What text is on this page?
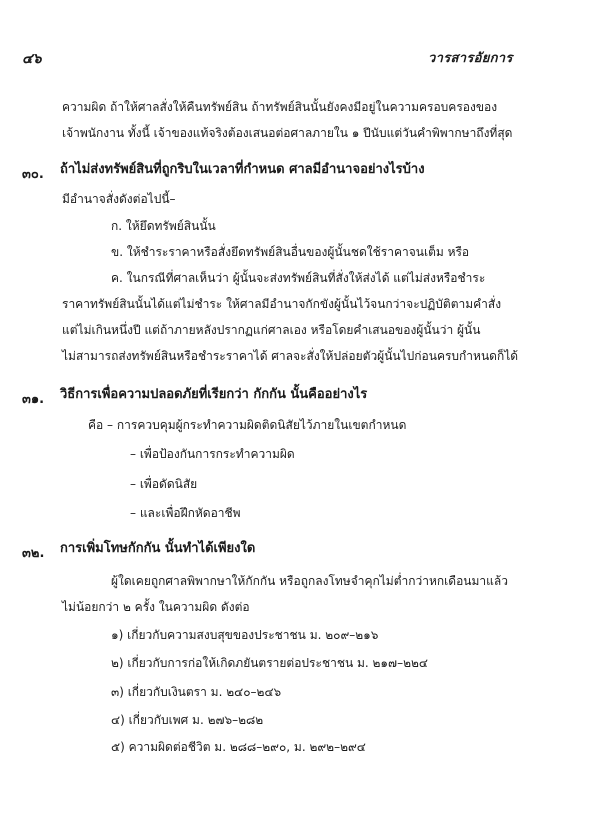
๔๖	วารสารอัยการ
ความผิด ถ้าให้ศาลสั่งให้คืนทรัพย์สิน ถ้าทรัพย์สินนั้นยังคงมีอยู่ในความครอบครองของ
เจ้าพนักงาน ทั้งนี้ เจ้าของแท้จริงต้องเสนอต่อศาลภายใน ๑ ปีนับแต่วันคำพิพากษาถึงที่สุด
๓๐. ถ้าไม่ส่งทรัพย์สินที่ถูกริบในเวลาที่กำหนด ศาลมีอำนาจอย่างไรบ้าง
มีอำนาจสั่งดังต่อไปนี้–
ก. ให้ยึดทรัพย์สินนั้น
ข. ให้ชำระราคาหรือสั่งยึดทรัพย์สินอื่นของผู้นั้นชดใช้ราคาจนเต็ม หรือ
ค. ในกรณีที่ศาลเห็นว่า ผู้นั้นจะส่งทรัพย์สินที่สั่งให้ส่งได้ แต่ไม่ส่งหรือชำระ
ราคาทรัพย์สินนั้นได้แต่ไม่ชำระ ให้ศาลมีอำนาจกักขังผู้นั้นไว้จนกว่าจะปฏิบัติตามคำสั่ง
แต่ไม่เกินหนึ่งปี แต่ถ้าภายหลังปรากฏแก่ศาลเอง หรือโดยคำเสนอของผู้นั้นว่า ผู้นั้น
ไม่สามารถส่งทรัพย์สินหรือชำระราคาได้ ศาลจะสั่งให้ปล่อยตัวผู้นั้นไปก่อนครบกำหนดก็ได้
๓๑. วิธีการเพื่อความปลอดภัยที่เรียกว่า กักกัน นั้นคืออย่างไร
คือ – การควบคุมผู้กระทำความผิดติดนิสัยไว้ภายในเขตกำหนด
– เพื่อป้องกันการกระทำความผิด
– เพื่อดัดนิสัย
– และเพื่อฝึกหัดอาชีพ
๓๒. การเพิ่มโทษกักกัน นั้นทำได้เพียงใด
ผู้ใดเคยถูกศาลพิพากษาให้กักกัน หรือถูกลงโทษจำคุกไม่ต่ำกว่าหกเดือนมาแล้ว
ไม่น้อยกว่า ๒ ครั้ง ในความผิด ดังต่อ
๑) เกี่ยวกับความสงบสุขของประชาชน ม. ๒๐๙–๒๑๖
๒) เกี่ยวกับการก่อให้เกิดภยันตรายต่อประชาชน ม. ๒๑๗–๒๒๔
๓) เกี่ยวกับเงินตรา ม. ๒๔๐–๒๔๖
๔) เกี่ยวกับเพศ ม. ๒๗๖–๒๘๒
๕) ความผิดต่อชีวิต ม. ๒๘๘–๒๙๐, ม. ๒๙๒–๒๙๔
